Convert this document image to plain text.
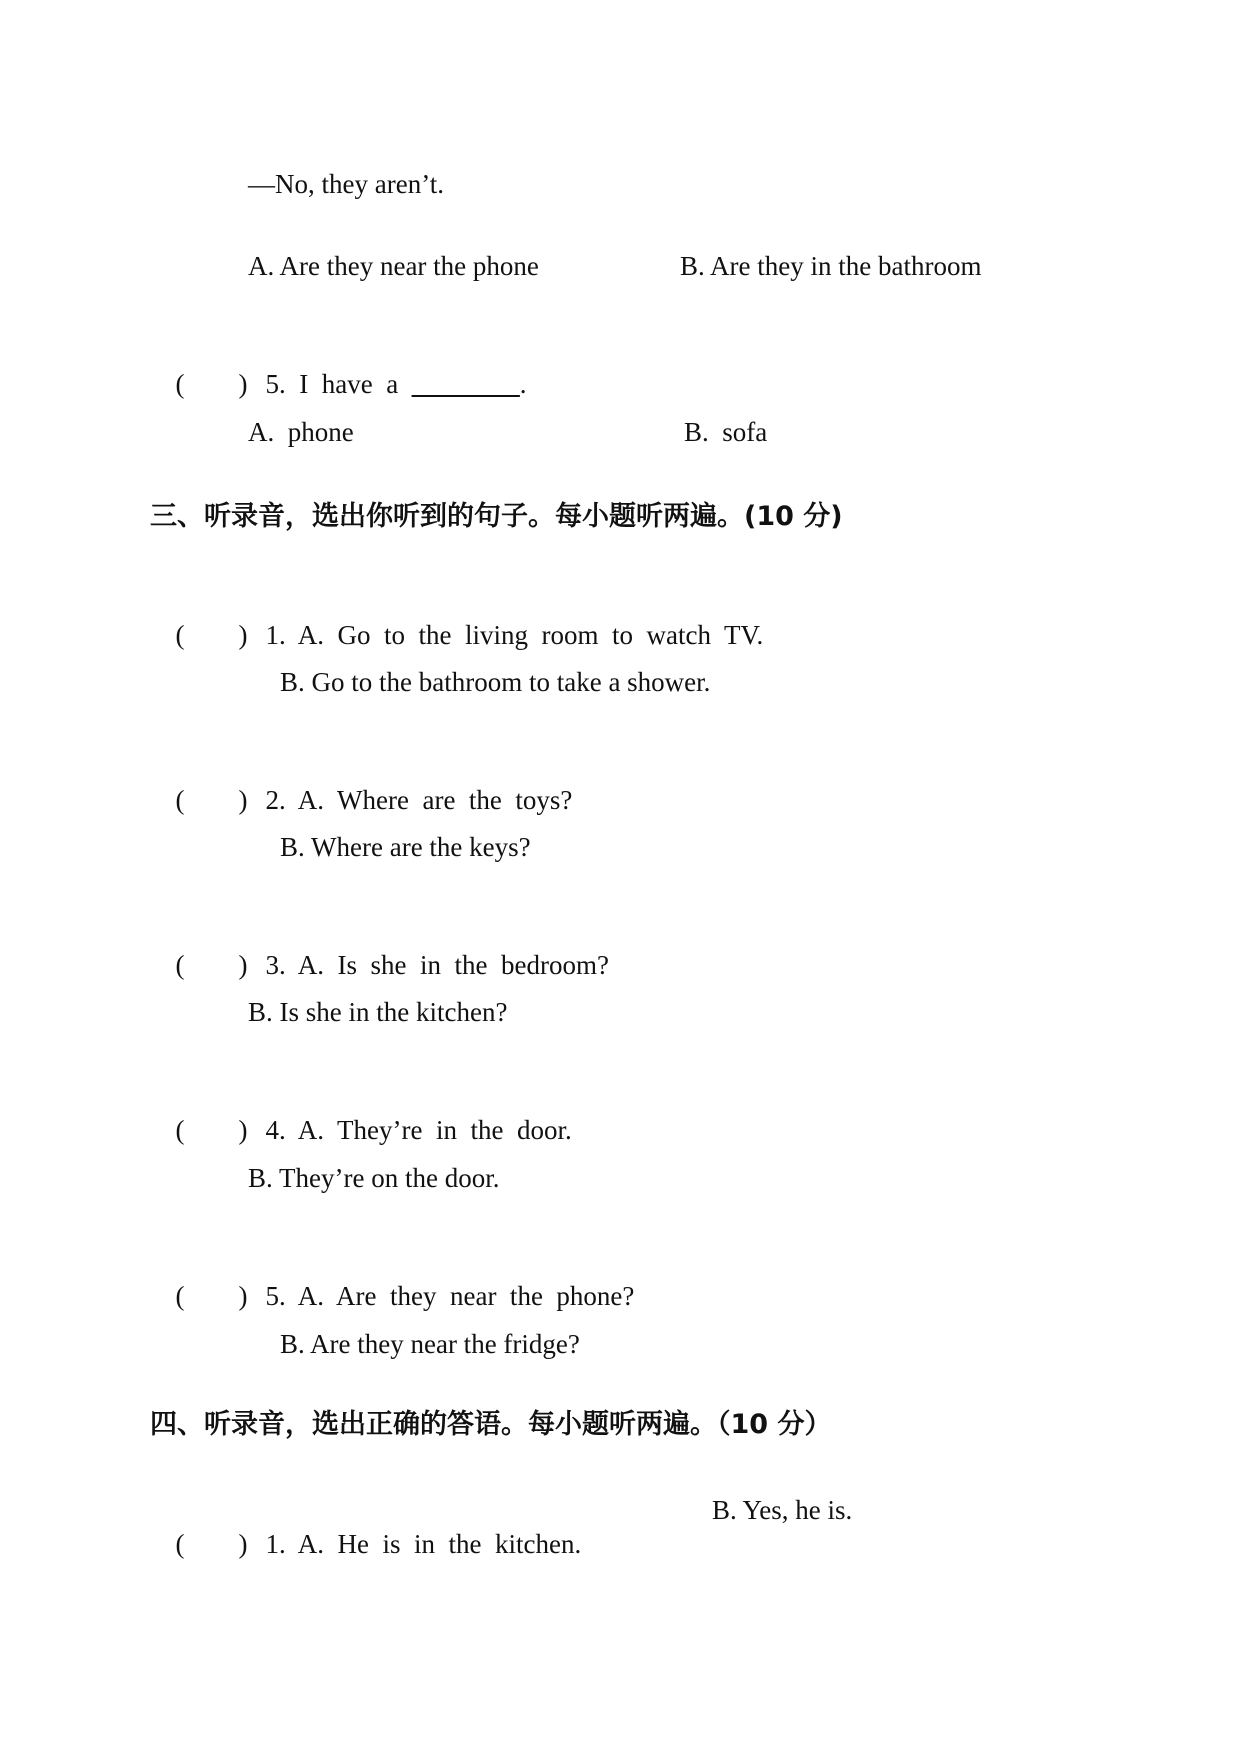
—No, they aren’t.
A. Are they near the phone	B. Are they in the bathroom

(        ) 5.  I  have  a  ________.

A.  phone	B.  sofa
三、听录音，选出你听到的句子。每小题听两遍。(10 分)

(        ) 1.  A.  Go  to  the  living  room  to  watch  TV.

B. Go to the bathroom to take a shower.

(        ) 2.  A.  Where  are  the  toys?

B. Where are the keys?

(        ) 3.  A.  Is  she  in  the  bedroom?

B. Is she in the kitchen?

(        ) 4.  A.  They’re  in  the  door.

B. They’re on the door.

(        ) 5.  A.  Are  they  near  the  phone?

B. Are they near the fridge?
四、听录音，选出正确的答语。每小题听两遍。（10 分）

(        ) 1.  A.  He  is  in  the  kitchen.

B. Yes, he is.
